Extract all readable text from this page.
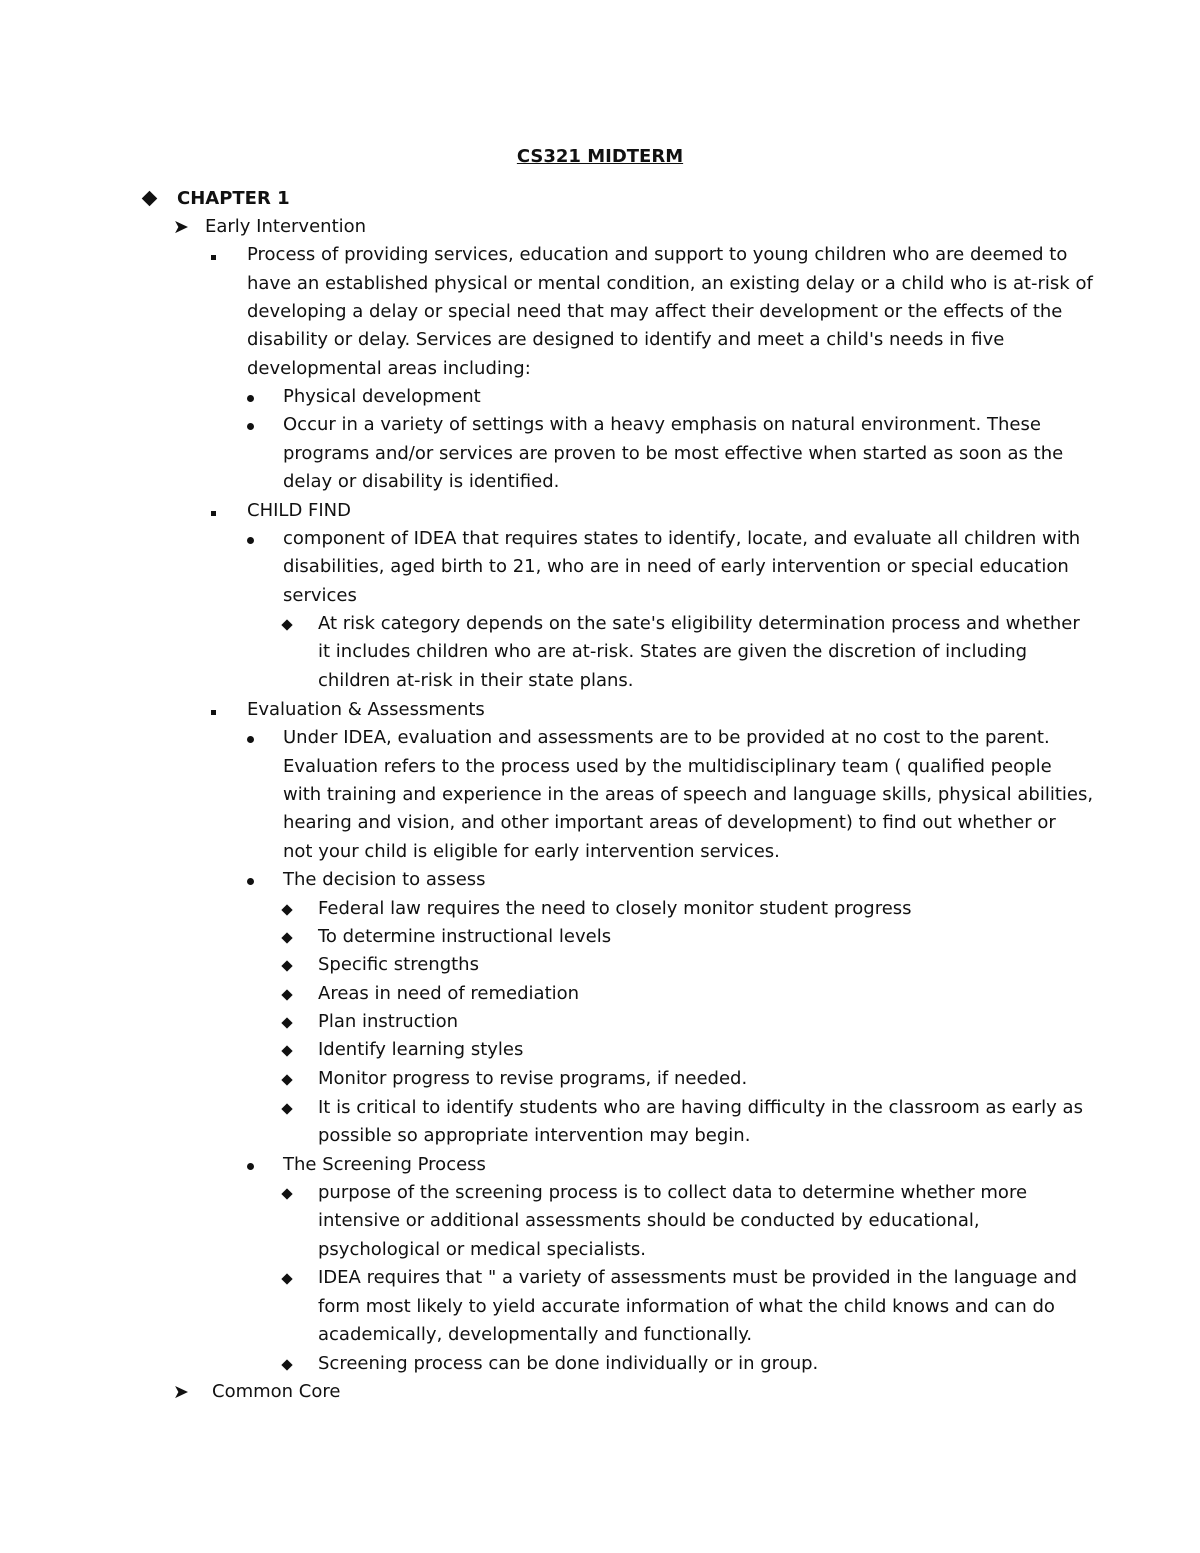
CS321 MIDTERM
CHAPTER 1
➤ Early Intervention
Process of providing services, education and support to young children who are deemed to
have an established physical or mental condition, an existing delay or a child who is at-risk of
developing a delay or special need that may affect their development or the effects of the
disability or delay. Services are designed to identify and meet a child's needs in five
developmental areas including:
Physical development
Occur in a variety of settings with a heavy emphasis on natural environment. These
programs and/or services are proven to be most effective when started as soon as the
delay or disability is identified.
CHILD FIND
component of IDEA that requires states to identify, locate, and evaluate all children with
disabilities, aged birth to 21, who are in need of early intervention or special education
services
At risk category depends on the sate's eligibility determination process and whether
it includes children who are at-risk. States are given the discretion of including
children at-risk in their state plans.
Evaluation & Assessments
Under IDEA, evaluation and assessments are to be provided at no cost to the parent.
Evaluation refers to the process used by the multidisciplinary team ( qualified people
with training and experience in the areas of speech and language skills, physical abilities,
hearing and vision, and other important areas of development) to find out whether or
not your child is eligible for early intervention services.
The decision to assess
Federal law requires the need to closely monitor student progress
To determine instructional levels
Specific strengths
Areas in need of remediation
Plan instruction
Identify learning styles
Monitor progress to revise programs, if needed.
It is critical to identify students who are having difficulty in the classroom as early as
possible so appropriate intervention may begin.
The Screening Process
purpose of the screening process is to collect data to determine whether more
intensive or additional assessments should be conducted by educational,
psychological or medical specialists.
IDEA requires that " a variety of assessments must be provided in the language and
form most likely to yield accurate information of what the child knows and can do
academically, developmentally and functionally.
Screening process can be done individually or in group.
➤ Common Core
